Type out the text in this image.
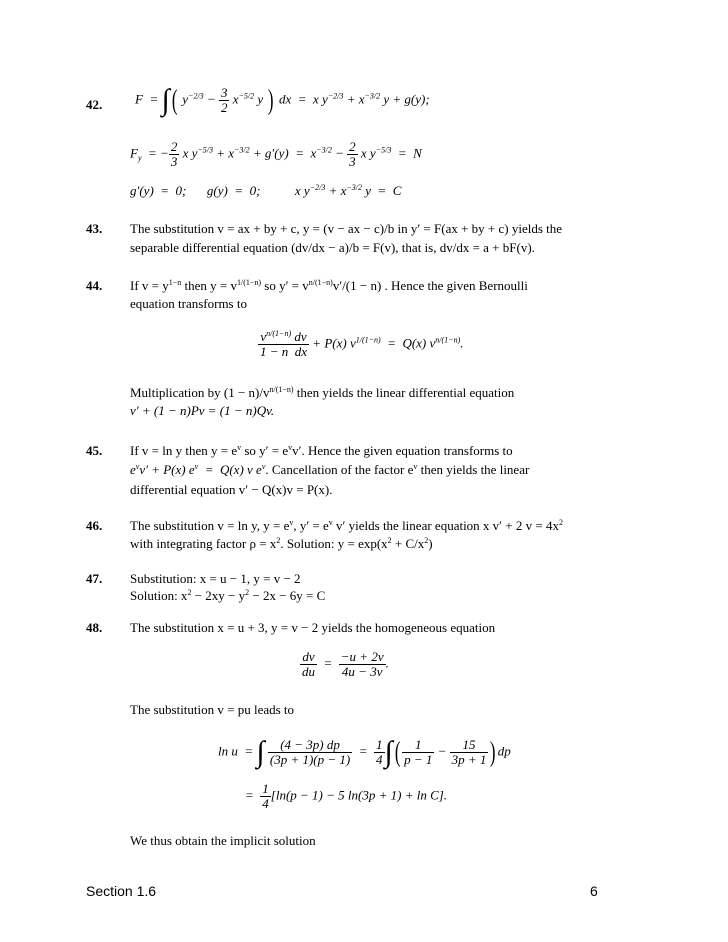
42.	F  = ∫( $y^{-2/3} - \frac{3}{2} x^{-5/2}$ y ) dx  =  x $y^{-2/3} + x^{-3/2}$ y + g(y);
$F_y$  = − $\frac{2}{3}$ x $y^{-5/3} + x^{-3/2} + g'(y) = x^{-3/2} - \frac{2}{3}$ x $y^{-5/3} = N$
g′(y)  =  0;  g(y)  =  0;  x $y^{-2/3} + x^{-3/2}$ y  =  C
43. The substitution v = ax + by + c, y = (v − ax − c)/b in y′ = F(ax + by + c) yields the
separable differential equation (dv/dx − a)/b = F(v), that is, dv/dx = a + bF(v).
44. If $v = y^{1-n}$ then $y = v^{1/(1-n)}$ so $y' = v^{n/(1-n)}v'/(1 - n)$ . Hence the given Bernoulli
equation transforms to
$\frac{v^{n/(1-n)} dv}{\text{1 − n  dx}} + P(x) v^{1/(1-n)} = Q(x)$ $v^{n/(1-n)}$.
Multiplication by $(1 - n)/v^{n/(1-n)}$ then yields the linear differential equation
v′ + (1 − n)Pv = (1 − n)Qv.
45. If v = ln y then $y = e^v$ so $y' = e^vv'$. Hence the given equation transforms to
$e^vv' + P(x) e^v = Q(x)$ v $e^v$. Cancellation of the factor $e^v$ then yields the linear
differential equation v′ − Q(x)v = P(x).
46. The substitution v = ln y, $y = e^v$, $y' = e^v$ v′ yields the linear equation x v′ + 2 $v = 4x^2$
with integrating factor $\rho = x^2$. Solution: $y = \exp(x^2 + C/x^2)$
47. Substitution: x = u − 1, y = v − 2
Solution: $x^2 - 2xy - y^2 - 2x - 6y = C$
48. The substitution x = u + 3, y = v − 2 yields the homogeneous equation
$\frac{dv}{du} = \frac{-u + 2v}{4u - 3v}$ .
The substitution v = pu leads to
ln u  = ∫ $\frac{(4 - 3p) dp}{(3p + 1)(p - 1)} = \frac{1}{4}$ ∫( $\frac{1}{p - 1} - \frac{15}{3p + 1}$ ) dp
= $\frac{1}{4} [\ln(p - 1) - 5$ ln(3p + 1) + ln C].
We thus obtain the implicit solution
Section 1.6	6
